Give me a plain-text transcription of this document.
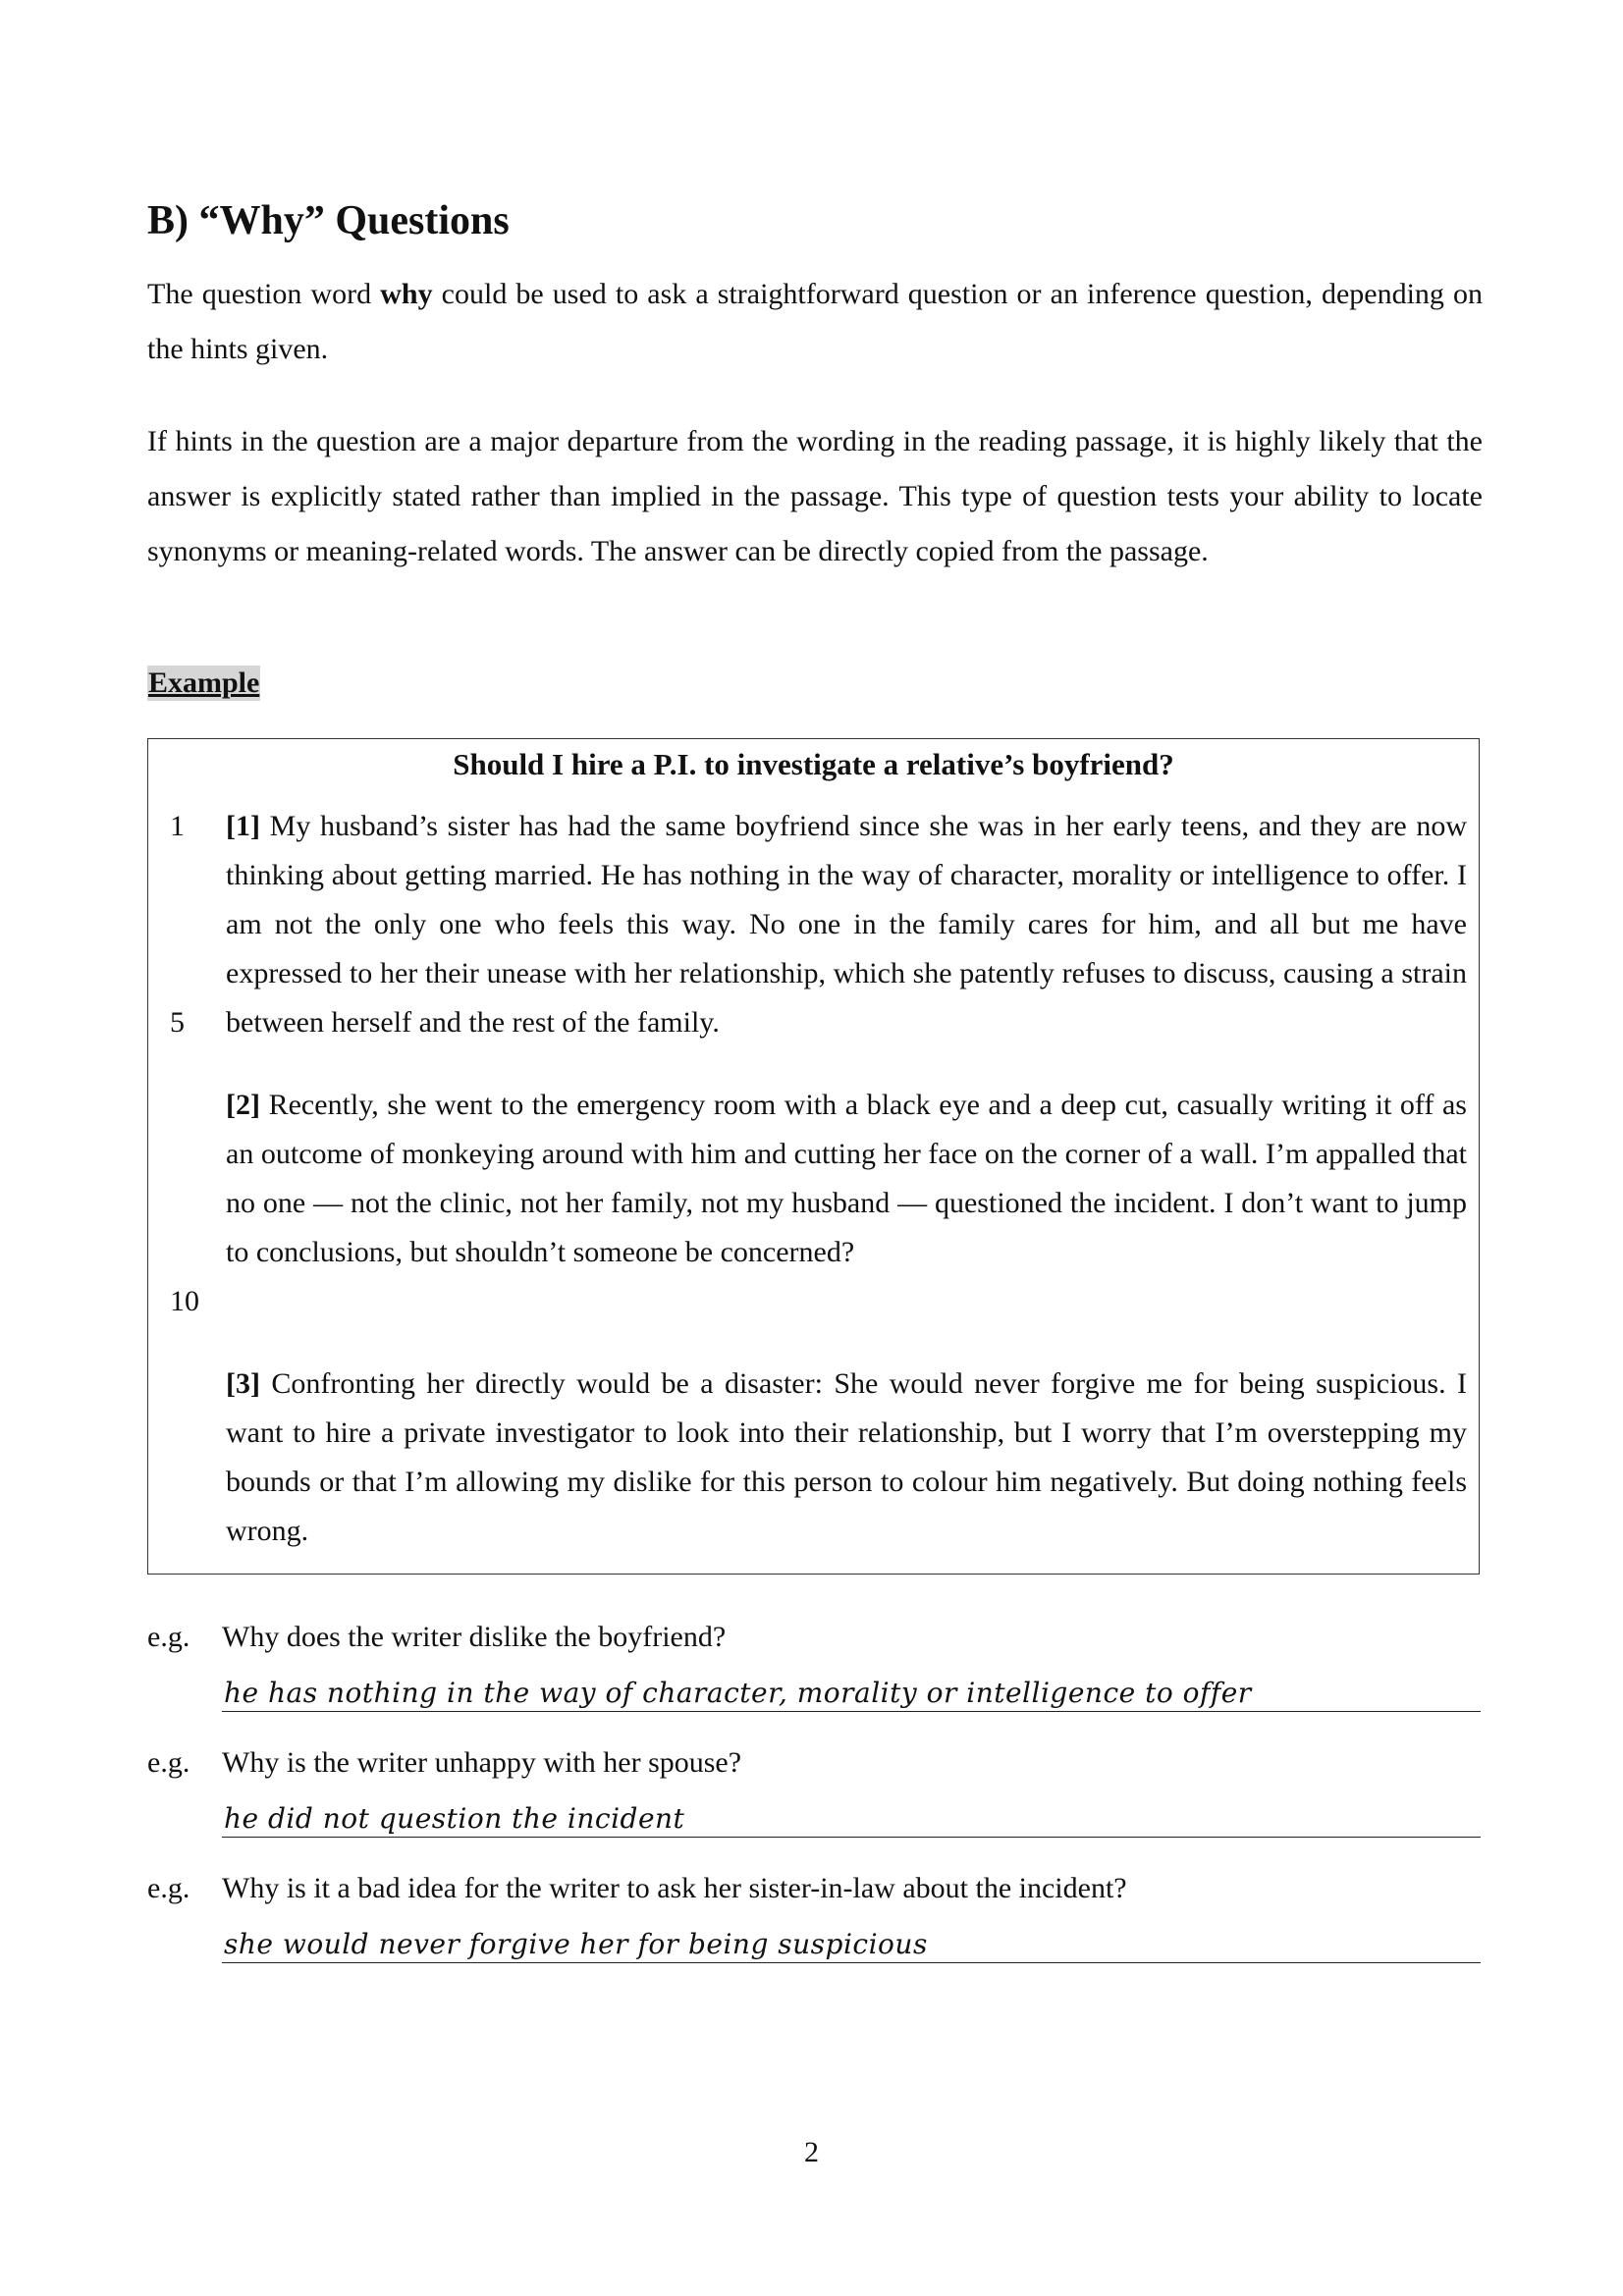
B) “Why” Questions

The question word why could be used to ask a straightforward question or an inference question, depending on the hints given.

If hints in the question are a major departure from the wording in the reading passage, it is highly likely that the answer is explicitly stated rather than implied in the passage. This type of question tests your ability to locate synonyms or meaning-related words. The answer can be directly copied from the passage.

Example
Should I hire a P.I. to investigate a relative’s boyfriend?
1
5
10

[1] My husband’s sister has had the same boyfriend since she was in her early teens, and they are now thinking about getting married. He has nothing in the way of character, morality or intelligence to offer. I am not the only one who feels this way. No one in the family cares for him, and all but me have expressed to her their unease with her relationship, which she patently refuses to discuss, causing a strain between herself and the rest of the family.

[2] Recently, she went to the emergency room with a black eye and a deep cut, casually writing it off as an outcome of monkeying around with him and cutting her face on the corner of a wall. I’m appalled that no one — not the clinic, not her family, not my husband — questioned the incident. I don’t want to jump to conclusions, but shouldn’t someone be concerned?

[3] Confronting her directly would be a disaster: She would never forgive me for being suspicious. I want to hire a private investigator to look into their relationship, but I worry that I’m overstepping my bounds or that I’m allowing my dislike for this person to colour him negatively. But doing nothing feels wrong.

e.g. Why does the writer dislike the boyfriend?
he has nothing in the way of character, morality or intelligence to offer
e.g. Why is the writer unhappy with her spouse?
he did not question the incident
e.g. Why is it a bad idea for the writer to ask her sister-in-law about the incident?
she would never forgive her for being suspicious
2
